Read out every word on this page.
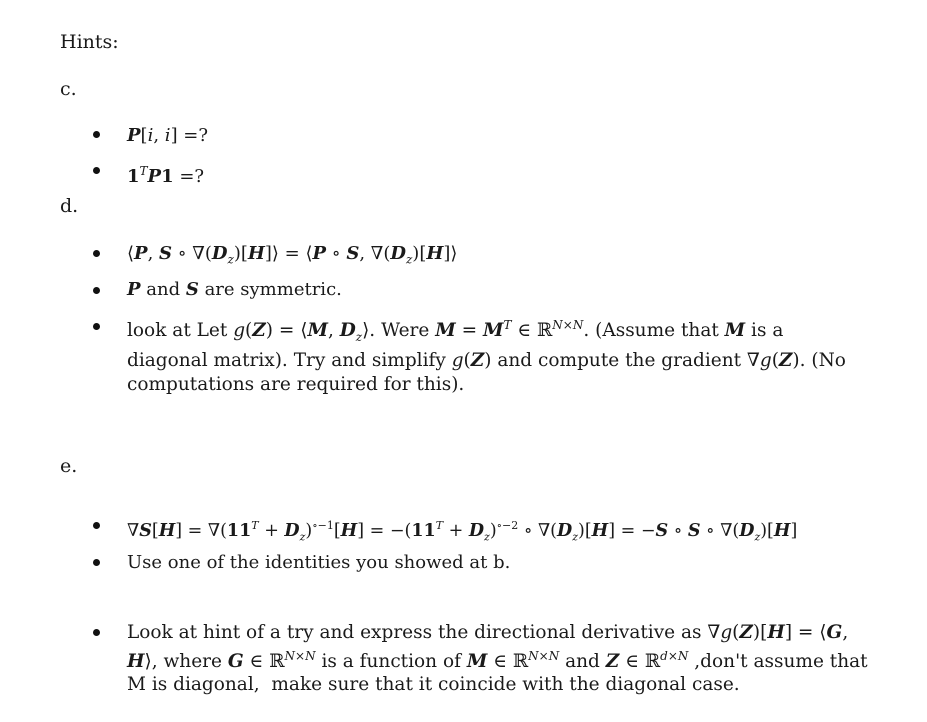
Hints:
c.
P[i, i] =?
$1^TP1$ =?
d.
⟨P, S ∘ $\nabla(D_z)[H]⟩$ = ⟨P ∘ S, $\nabla(D_z)[H]⟩$
P and S are symmetric.
look at Let g(Z) = ⟨M, $D_z⟩$. Were $M = M^T$ ∈ ℝ$^{N\times N}$. (Assume that M is a diagonal matrix). Try and simplify g(Z) and compute the gradient ∇g(Z). (No computations are required for this).
e.
$\nabla S[H] = \nabla(11^T + D_z)^{\circ-1}[H] = -(11^T + D_z)^{\circ-2}$ ∘ $\nabla(D_z)[H] = -S$ ∘ S ∘ $\nabla(D_z)[H]$
Use one of the identities you showed at b.
Look at hint of a try and express the directional derivative as ∇g(Z)[H] = ⟨G, H⟩, where G ∈ ℝ$^{N\times N}$ is a function of M ∈ ℝ$^{N\times N}$ and Z ∈ ℝ$^{d\times N}$ ,don't assume that M is diagonal,  make sure that it coincide with the diagonal case.
